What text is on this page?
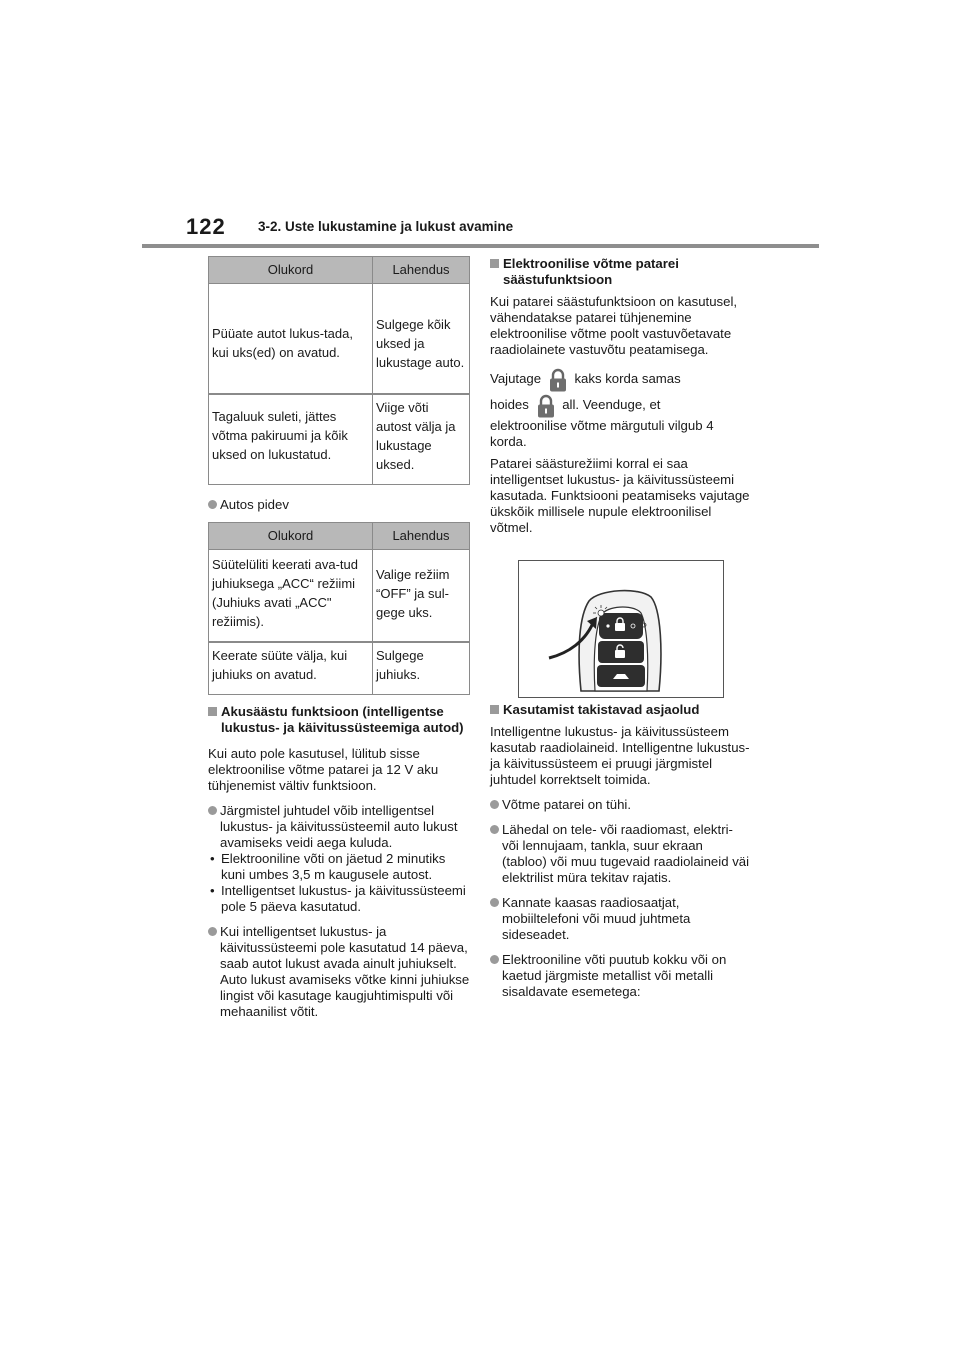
122 3-2. Uste lukustamine ja lukust avamine
Olukord	Lahendus
Püüate autot lukus-tada, kui uks(ed) on avatud.	Sulgege kõik uksed ja lukustage auto.
Tagaluuk suleti, jättes võtma pakiruumi ja kõik uksed on lukustatud.	Viige võti autost välja ja lukustage uksed.

Autos pidev

Olukord	Lahendus
Süütelüliti keerati ava-tud juhiuksega „ACC“ režiimi (Juhiuks avati „ACC" režiimis).	Valige režiim “OFF” ja sul-gege uks.
Keerate süüte välja, kui juhiuks on avatud.	Sulgege juhiuks.

Akusäästu funktsioon (intelligentse lukustus- ja käivitussüsteemiga autod)

Kui auto pole kasutusel, lülitub sisse elektroonilise võtme patarei ja 12 V aku tühjenemist vältiv funktsioon.

Järgmistel juhtudel võib intelligentsel lukustus- ja käivitussüsteemil auto lukust avamiseks veidi aega kuluda.

• Elektrooniline võti on jäetud 2 minutiks kuni umbes 3,5 m kaugusele autost.

• Intelligentset lukustus- ja käivitussüsteemi pole 5 päeva kasutatud.

Kui intelligentset lukustus- ja käivitussüsteemi pole kasutatud 14 päeva, saab autot lukust avada ainult juhiukselt. Auto lukust avamiseks võtke kinni juhiukse lingist või kasutage kaugjuhtimispulti või mehaanilist võtit.

Elektroonilise võtme patarei säästufunktsioon

Kui patarei säästufunktsioon on kasutusel, vähendatakse patarei tühjenemine elektroonilise võtme poolt vastuvõetavate raadiolainete vastuvõtu peatamisega.

Vajutage	kaks korda samas

hoides	all. Veenduge, et

elektroonilise võtme märgutuli vilgub 4 korda.

Patarei säästurežiimi korral ei saa intelligentset lukustus- ja käivitussüsteemi kasutada. Funktsiooni peatamiseks vajutage ükskõik millisele nupule elektroonilisel võtmel.

Kasutamist takistavad asjaolud

Intelligentne lukustus- ja käivitussüsteem kasutab raadiolaineid. Intelligentne lukustus- ja käivitussüsteem ei pruugi järgmistel juhtudel korrektselt toimida.

Võtme patarei on tühi.

Lähedal on tele- või raadiomast, elektri- või lennujaam, tankla, suur ekraan (tabloo) või muu tugevaid raadiolaineid väi elektrilist müra tekitav rajatis.

Kannate kaasas raadiosaatjat, mobiiltelefoni või muud juhtmeta sideseadet.

Elektrooniline võti puutub kokku või on kaetud järgmiste metallist või metalli sisaldavate esemetega:
